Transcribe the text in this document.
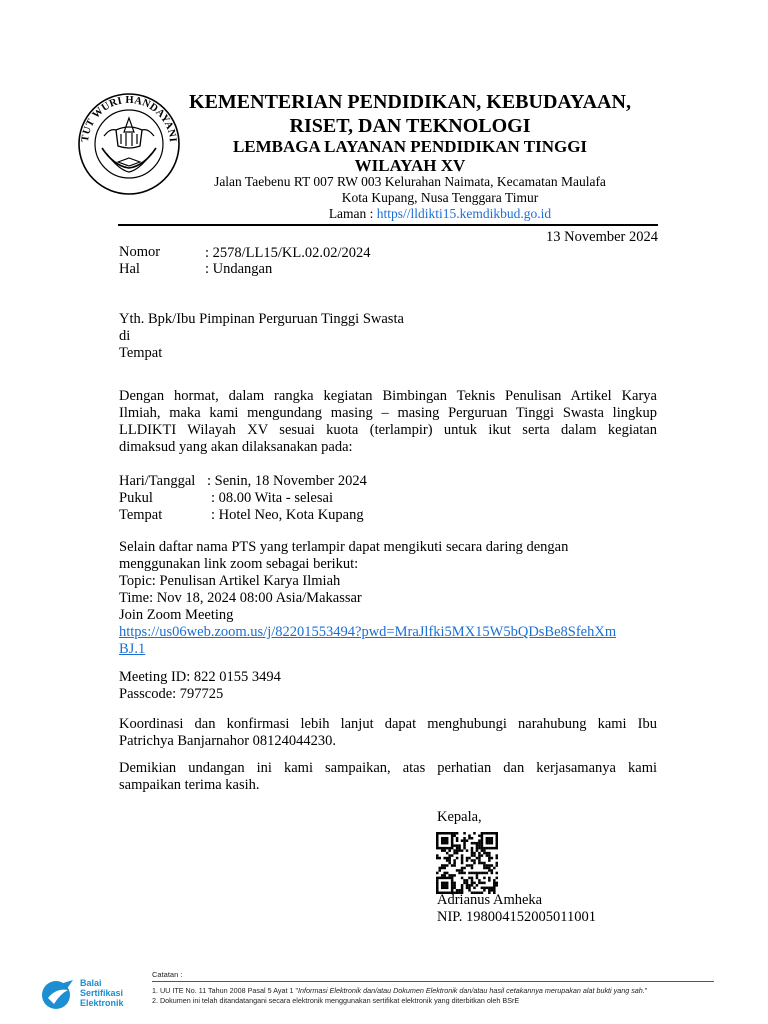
TUT WURI HANDAYANI
KEMENTERIAN PENDIDIKAN, KEBUDAYAAN,
RISET, DAN TEKNOLOGI
LEMBAGA LAYANAN PENDIDIKAN TINGGI
WILAYAH XV
Jalan Taebenu RT 007 RW 003 Kelurahan Naimata, Kecamatan Maulafa
Kota Kupang, Nusa Tenggara Timur
Laman : https//lldikti15.kemdikbud.go.id
13 November 2024
Nomor	: 2578/LL15/KL.02.02/2024
Hal	: Undangan
Yth. Bpk/Ibu Pimpinan Perguruan Tinggi Swasta
di
Tempat
Dengan hormat, dalam rangka kegiatan Bimbingan Teknis Penulisan Artikel Karya
Ilmiah, maka kami mengundang masing – masing Perguruan Tinggi Swasta lingkup
LLDIKTI Wilayah XV sesuai kuota (terlampir) untuk ikut serta dalam kegiatan
dimaksud yang akan dilaksanakan pada:
Hari/Tanggal : Senin, 18 November 2024
Pukul	: 08.00 Wita - selesai
Tempat	: Hotel Neo, Kota Kupang
Selain daftar nama PTS yang terlampir dapat mengikuti secara daring dengan
menggunakan link zoom sebagai berikut:
Topic: Penulisan Artikel Karya Ilmiah
Time: Nov 18, 2024 08:00 Asia/Makassar
Join Zoom Meeting
https://us06web.zoom.us/j/82201553494?pwd=MraJlfki5MX15W5bQDsBe8SfehXm
BJ.1
Meeting ID: 822 0155 3494
Passcode: 797725
Koordinasi dan konfirmasi lebih lanjut dapat menghubungi narahubung kami Ibu
Patrichya Banjarnahor 08124044230.
Demikian undangan ini kami sampaikan, atas perhatian dan kerjasamanya kami
sampaikan terima kasih.
Kepala,
Adrianus Amheka
NIP. 198004152005011001
Balai
Sertifikasi
Elektronik
Catatan :
1. UU ITE No. 11 Tahun 2008 Pasal 5 Ayat 1 "Informasi Elektronik dan/atau Dokumen Elektronik dan/atau hasil cetakannya merupakan alat bukti yang sah."
2. Dokumen ini telah ditandatangani secara elektronik menggunakan sertifikat elektronik yang diterbitkan oleh BSrE
